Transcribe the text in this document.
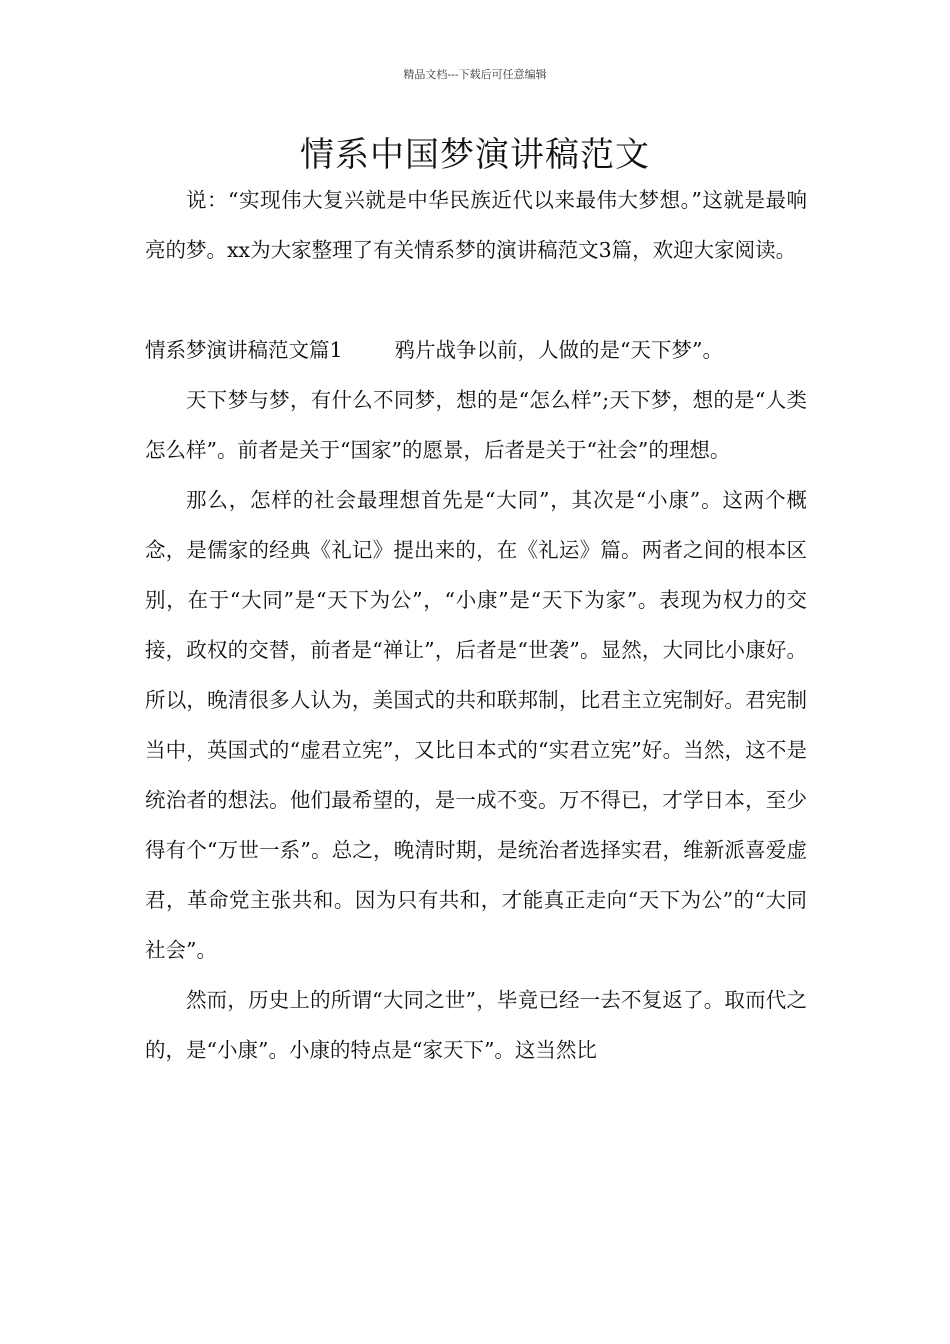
精品文档---下载后可任意编辑
情系中国梦演讲稿范文

说：“实现伟大复兴就是中华民族近代以来最伟大梦想。”这就是最响亮的梦。xx为大家整理了有关情系梦的演讲稿范文3篇，欢迎大家阅读。

情系梦演讲稿范文篇1	鸦片战争以前，人做的是“天下梦”。

天下梦与梦，有什么不同梦，想的是“怎么样”;天下梦，想的是“人类怎么样”。前者是关于“国家”的愿景，后者是关于“社会”的理想。

那么，怎样的社会最理想首先是“大同”，其次是“小康”。这两个概念，是儒家的经典《礼记》提出来的，在《礼运》篇。两者之间的根本区别，在于“大同”是“天下为公”，“小康”是“天下为家”。表现为权力的交接，政权的交替，前者是“禅让”，后者是“世袭”。显然，大同比小康好。所以，晚清很多人认为，美国式的共和联邦制，比君主立宪制好。君宪制当中，英国式的“虚君立宪”，又比日本式的“实君立宪”好。当然，这不是统治者的想法。他们最希望的，是一成不变。万不得已，才学日本，至少得有个“万世一系”。总之，晚清时期，是统治者选择实君，维新派喜爱虚君，革命党主张共和。因为只有共和，才能真正走向“天下为公”的“大同社会”。

然而，历史上的所谓“大同之世”，毕竟已经一去不复返了。取而代之的，是“小康”。小康的特点是“家天下”。这当然比
